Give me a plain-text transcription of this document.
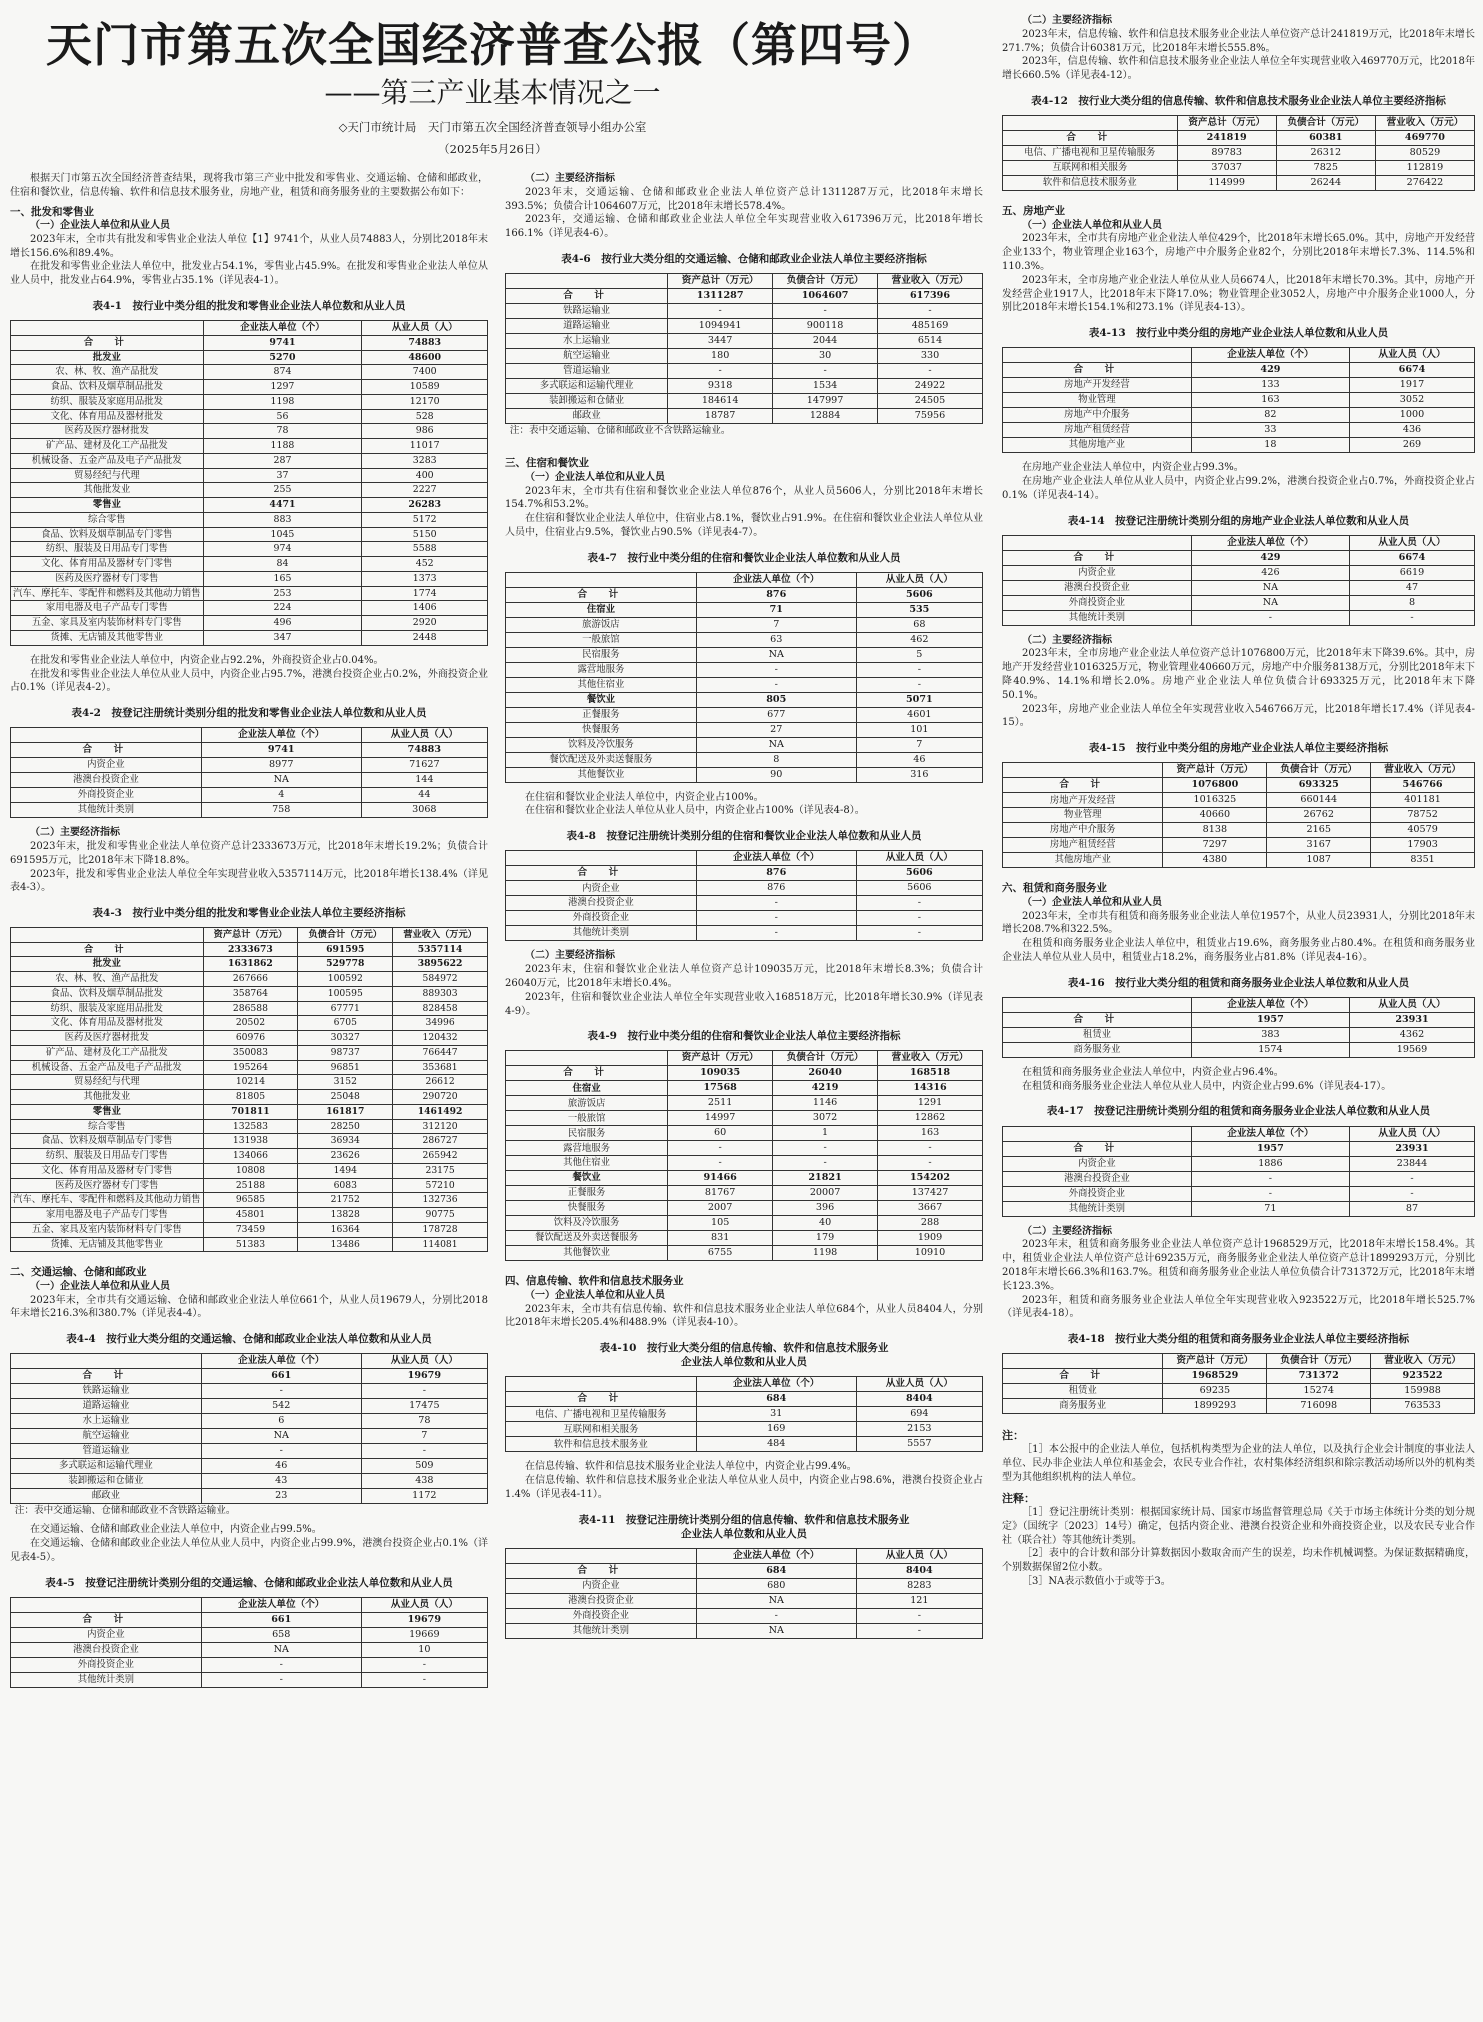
天门市第五次全国经济普查公报（第四号）
——第三产业基本情况之一
◇天门市统计局　天门市第五次全国经济普查领导小组办公室
（2025年5月26日）

根据天门市第五次全国经济普查结果，现将我市第三产业中批发和零售业、交通运输、仓储和邮政业，住宿和餐饮业，信息传输、软件和信息技术服务业，房地产业，租赁和商务服务业的主要数据公布如下：

一、批发和零售业
（一）企业法人单位和从业人员

2023年末，全市共有批发和零售业企业法人单位【1】9741个，从业人员74883人，分别比2018年末增长156.6%和89.4%。

在批发和零售业企业法人单位中，批发业占54.1%，零售业占45.9%。在批发和零售业企业法人单位从业人员中，批发业占64.9%，零售业占35.1%（详见表4-1）。

表4-1　按行业中类分组的批发和零售业企业法人单位数和从业人员
	企业法人单位（个）	从业人员（人）
合　计	9741	74883
批发业	5270	48600
农、林、牧、渔产品批发	874	7400
食品、饮料及烟草制品批发	1297	10589
纺织、服装及家庭用品批发	1198	12170
文化、体育用品及器材批发	56	528
医药及医疗器材批发	78	986
矿产品、建材及化工产品批发	1188	11017
机械设备、五金产品及电子产品批发	287	3283
贸易经纪与代理	37	400
其他批发业	255	2227
零售业	4471	26283
综合零售	883	5172
食品、饮料及烟草制品专门零售	1045	5150
纺织、服装及日用品专门零售	974	5588
文化、体育用品及器材专门零售	84	452
医药及医疗器材专门零售	165	1373
汽车、摩托车、零配件和燃料及其他动力销售	253	1774
家用电器及电子产品专门零售	224	1406
五金、家具及室内装饰材料专门零售	496	2920
货摊、无店铺及其他零售业	347	2448

在批发和零售业企业法人单位中，内资企业占92.2%，外商投资企业占0.04%。

在批发和零售业企业法人单位从业人员中，内资企业占95.7%，港澳台投资企业占0.2%，外商投资企业占0.1%（详见表4-2）。

表4-2　按登记注册统计类别分组的批发和零售业企业法人单位数和从业人员
	企业法人单位（个）	从业人员（人）
合　计	9741	74883
内资企业	8977	71627
港澳台投资企业	NA	144
外商投资企业	4	44
其他统计类别	758	3068
（二）主要经济指标

2023年末，批发和零售业企业法人单位资产总计2333673万元，比2018年末增长19.2%；负债合计691595万元，比2018年末下降18.8%。

2023年，批发和零售业企业法人单位全年实现营业收入5357114万元，比2018年增长138.4%（详见表4-3）。

表4-3　按行业中类分组的批发和零售业企业法人单位主要经济指标
	资产总计（万元）	负债合计（万元）	营业收入（万元）
合　计	2333673	691595	5357114
批发业	1631862	529778	3895622
农、林、牧、渔产品批发	267666	100592	584972
食品、饮料及烟草制品批发	358764	100595	889303
纺织、服装及家庭用品批发	286588	67771	828458
文化、体育用品及器材批发	20502	6705	34996
医药及医疗器材批发	60976	30327	120432
矿产品、建材及化工产品批发	350083	98737	766447
机械设备、五金产品及电子产品批发	195264	96851	353681
贸易经纪与代理	10214	3152	26612
其他批发业	81805	25048	290720
零售业	701811	161817	1461492
综合零售	132583	28250	312120
食品、饮料及烟草制品专门零售	131938	36934	286727
纺织、服装及日用品专门零售	134066	23626	265942
文化、体育用品及器材专门零售	10808	1494	23175
医药及医疗器材专门零售	25188	6083	57210
汽车、摩托车、零配件和燃料及其他动力销售	96585	21752	132736
家用电器及电子产品专门零售	45801	13828	90775
五金、家具及室内装饰材料专门零售	73459	16364	178728
货摊、无店铺及其他零售业	51383	13486	114081
二、交通运输、仓储和邮政业
（一）企业法人单位和从业人员

2023年末，全市共有交通运输、仓储和邮政业企业法人单位661个，从业人员19679人，分别比2018年末增长216.3%和380.7%（详见表4-4）。

表4-4　按行业大类分组的交通运输、仓储和邮政业企业法人单位数和从业人员
	企业法人单位（个）	从业人员（人）
合　计	661	19679
铁路运输业	-	-
道路运输业	542	17475
水上运输业	6	78
航空运输业	NA	7
管道运输业	-	-
多式联运和运输代理业	46	509
装卸搬运和仓储业	43	438
邮政业	23	1172
注：表中交通运输、仓储和邮政业不含铁路运输业。

在交通运输、仓储和邮政业企业法人单位中，内资企业占99.5%。

在交通运输、仓储和邮政业企业法人单位从业人员中，内资企业占99.9%，港澳台投资企业占0.1%（详见表4-5）。

表4-5　按登记注册统计类别分组的交通运输、仓储和邮政业企业法人单位数和从业人员
	企业法人单位（个）	从业人员（人）
合　计	661	19679
内资企业	658	19669
港澳台投资企业	NA	10
外商投资企业	-	-
其他统计类别	-	-
（二）主要经济指标

2023年末，交通运输、仓储和邮政业企业法人单位资产总计1311287万元，比2018年末增长393.5%；负债合计1064607万元，比2018年末增长578.4%。

2023年，交通运输、仓储和邮政业企业法人单位全年实现营业收入617396万元，比2018年增长166.1%（详见表4-6）。

表4-6　按行业大类分组的交通运输、仓储和邮政业企业法人单位主要经济指标
	资产总计（万元）	负债合计（万元）	营业收入（万元）
合　计	1311287	1064607	617396
铁路运输业	-	-	-
道路运输业	1094941	900118	485169
水上运输业	3447	2044	6514
航空运输业	180	30	330
管道运输业	-	-	-
多式联运和运输代理业	9318	1534	24922
装卸搬运和仓储业	184614	147997	24505
邮政业	18787	12884	75956
注：表中交通运输、仓储和邮政业不含铁路运输业。
三、住宿和餐饮业
（一）企业法人单位和从业人员

2023年末，全市共有住宿和餐饮业企业法人单位876个，从业人员5606人，分别比2018年末增长154.7%和53.2%。

在住宿和餐饮业企业法人单位中，住宿业占8.1%，餐饮业占91.9%。在住宿和餐饮业企业法人单位从业人员中，住宿业占9.5%，餐饮业占90.5%（详见表4-7）。

表4-7　按行业中类分组的住宿和餐饮业企业法人单位数和从业人员
	企业法人单位（个）	从业人员（人）
合　计	876	5606
住宿业	71	535
旅游饭店	7	68
一般旅馆	63	462
民宿服务	NA	5
露营地服务	-	-
其他住宿业	-	-
餐饮业	805	5071
正餐服务	677	4601
快餐服务	27	101
饮料及冷饮服务	NA	7
餐饮配送及外卖送餐服务	8	46
其他餐饮业	90	316

在住宿和餐饮业企业法人单位中，内资企业占100%。

在住宿和餐饮业企业法人单位从业人员中，内资企业占100%（详见表4-8）。

表4-8　按登记注册统计类别分组的住宿和餐饮业企业法人单位数和从业人员
	企业法人单位（个）	从业人员（人）
合　计	876	5606
内资企业	876	5606
港澳台投资企业	-	-
外商投资企业	-	-
其他统计类别	-	-
（二）主要经济指标

2023年末，住宿和餐饮业企业法人单位资产总计109035万元，比2018年末增长8.3%；负债合计26040万元，比2018年末增长0.4%。

2023年，住宿和餐饮业企业法人单位全年实现营业收入168518万元，比2018年增长30.9%（详见表4-9）。

表4-9　按行业中类分组的住宿和餐饮业企业法人单位主要经济指标
	资产总计（万元）	负债合计（万元）	营业收入（万元）
合　计	109035	26040	168518
住宿业	17568	4219	14316
旅游饭店	2511	1146	1291
一般旅馆	14997	3072	12862
民宿服务	60	1	163
露营地服务	-	-	-
其他住宿业	-	-	-
餐饮业	91466	21821	154202
正餐服务	81767	20007	137427
快餐服务	2007	396	3667
饮料及冷饮服务	105	40	288
餐饮配送及外卖送餐服务	831	179	1909
其他餐饮业	6755	1198	10910
四、信息传输、软件和信息技术服务业
（一）企业法人单位和从业人员

2023年末，全市共有信息传输、软件和信息技术服务业企业法人单位684个，从业人员8404人，分别比2018年末增长205.4%和488.9%（详见表4-10）。

表4-10　按行业大类分组的信息传输、软件和信息技术服务业
企业法人单位数和从业人员
	企业法人单位（个）	从业人员（人）
合　计	684	8404
电信、广播电视和卫星传输服务	31	694
互联网和相关服务	169	2153
软件和信息技术服务业	484	5557

在信息传输、软件和信息技术服务业企业法人单位中，内资企业占99.4%。

在信息传输、软件和信息技术服务业企业法人单位从业人员中，内资企业占98.6%，港澳台投资企业占1.4%（详见表4-11）。

表4-11　按登记注册统计类别分组的信息传输、软件和信息技术服务业
企业法人单位数和从业人员
	企业法人单位（个）	从业人员（人）
合　计	684	8404
内资企业	680	8283
港澳台投资企业	NA	121
外商投资企业	-	-
其他统计类别	NA	-
（二）主要经济指标

2023年末，信息传输、软件和信息技术服务业企业法人单位资产总计241819万元，比2018年末增长271.7%；负债合计60381万元，比2018年末增长555.8%。

2023年，信息传输、软件和信息技术服务业企业法人单位全年实现营业收入469770万元，比2018年增长660.5%（详见表4-12）。

表4-12　按行业大类分组的信息传输、软件和信息技术服务业企业法人单位主要经济指标
	资产总计（万元）	负债合计（万元）	营业收入（万元）
合　计	241819	60381	469770
电信、广播电视和卫星传输服务	89783	26312	80529
互联网和相关服务	37037	7825	112819
软件和信息技术服务业	114999	26244	276422
五、房地产业
（一）企业法人单位和从业人员

2023年末，全市共有房地产业企业法人单位429个，比2018年末增长65.0%。其中，房地产开发经营企业133个，物业管理企业163个，房地产中介服务企业82个，分别比2018年末增长7.3%、114.5%和110.3%。

2023年末，全市房地产业企业法人单位从业人员6674人，比2018年末增长70.3%。其中，房地产开发经营企业1917人，比2018年末下降17.0%；物业管理企业3052人，房地产中介服务企业1000人，分别比2018年末增长154.1%和273.1%（详见表4-13）。

表4-13　按行业中类分组的房地产业企业法人单位数和从业人员
	企业法人单位（个）	从业人员（人）
合　计	429	6674
房地产开发经营	133	1917
物业管理	163	3052
房地产中介服务	82	1000
房地产租赁经营	33	436
其他房地产业	18	269

在房地产业企业法人单位中，内资企业占99.3%。

在房地产业企业法人单位从业人员中，内资企业占99.2%，港澳台投资企业占0.7%，外商投资企业占0.1%（详见表4-14）。

表4-14　按登记注册统计类别分组的房地产业企业法人单位数和从业人员
	企业法人单位（个）	从业人员（人）
合　计	429	6674
内资企业	426	6619
港澳台投资企业	NA	47
外商投资企业	NA	8
其他统计类别	-	-
（二）主要经济指标

2023年末，全市房地产业企业法人单位资产总计1076800万元，比2018年末下降39.6%。其中，房地产开发经营业1016325万元，物业管理业40660万元，房地产中介服务8138万元，分别比2018年末下降40.9%、14.1%和增长2.0%。房地产业企业法人单位负债合计693325万元，比2018年末下降50.1%。

2023年，房地产业企业法人单位全年实现营业收入546766万元，比2018年增长17.4%（详见表4-15）。

表4-15　按行业中类分组的房地产业企业法人单位主要经济指标
	资产总计（万元）	负债合计（万元）	营业收入（万元）
合　计	1076800	693325	546766
房地产开发经营	1016325	660144	401181
物业管理	40660	26762	78752
房地产中介服务	8138	2165	40579
房地产租赁经营	7297	3167	17903
其他房地产业	4380	1087	8351
六、租赁和商务服务业
（一）企业法人单位和从业人员

2023年末，全市共有租赁和商务服务业企业法人单位1957个，从业人员23931人，分别比2018年末增长208.7%和322.5%。

在租赁和商务服务业企业法人单位中，租赁业占19.6%，商务服务业占80.4%。在租赁和商务服务业企业法人单位从业人员中，租赁业占18.2%，商务服务业占81.8%（详见表4-16）。

表4-16　按行业大类分组的租赁和商务服务业企业法人单位数和从业人员
	企业法人单位（个）	从业人员（人）
合　计	1957	23931
租赁业	383	4362
商务服务业	1574	19569

在租赁和商务服务业企业法人单位中，内资企业占96.4%。

在租赁和商务服务业企业法人单位从业人员中，内资企业占99.6%（详见表4-17）。

表4-17　按登记注册统计类别分组的租赁和商务服务业企业法人单位数和从业人员
	企业法人单位（个）	从业人员（人）
合　计	1957	23931
内资企业	1886	23844
港澳台投资企业	-	-
外商投资企业	-	-
其他统计类别	71	87
（二）主要经济指标

2023年末，租赁和商务服务业企业法人单位资产总计1968529万元，比2018年末增长158.4%。其中，租赁业企业法人单位资产总计69235万元，商务服务业企业法人单位资产总计1899293万元，分别比2018年末增长66.3%和163.7%。租赁和商务服务业企业法人单位负债合计731372万元，比2018年末增长123.3%。

2023年，租赁和商务服务业企业法人单位全年实现营业收入923522万元，比2018年增长525.7%（详见表4-18）。

表4-18　按行业大类分组的租赁和商务服务业企业法人单位主要经济指标
	资产总计（万元）	负债合计（万元）	营业收入（万元）
合　计	1968529	731372	923522
租赁业	69235	15274	159988
商务服务业	1899293	716098	763533
注：

［1］本公报中的企业法人单位，包括机构类型为企业的法人单位，以及执行企业会计制度的事业法人单位、民办非企业法人单位和基金会，农民专业合作社，农村集体经济组织和除宗教活动场所以外的机构类型为其他组织机构的法人单位。

注释：

［1］登记注册统计类别：根据国家统计局、国家市场监督管理总局《关于市场主体统计分类的划分规定》（国统字〔2023〕14号）确定，包括内资企业、港澳台投资企业和外商投资企业，以及农民专业合作社（联合社）等其他统计类别。

［2］表中的合计数和部分计算数据因小数取舍而产生的误差，均未作机械调整。为保证数据精确度，个别数据保留2位小数。

［3］NA表示数值小于或等于3。
